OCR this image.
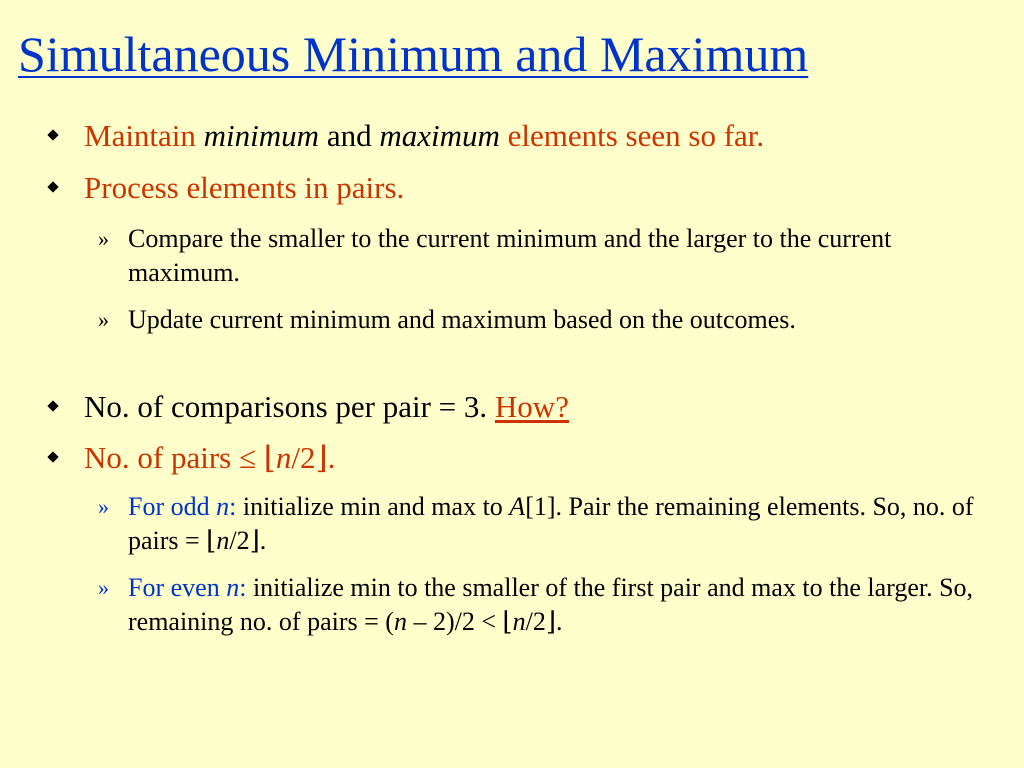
Simultaneous Minimum and Maximum
Maintain minimum and maximum elements seen so far.
Process elements in pairs.
» Compare the smaller to the current minimum and the larger to the current maximum.
» Update current minimum and maximum based on the outcomes.
No. of comparisons per pair = 3. How?
No. of pairs ≤ ⌊n/2⌋.
» For odd n: initialize min and max to A[1]. Pair the remaining elements. So, no. of pairs = ⌊n/2⌋.
» For even n: initialize min to the smaller of the first pair and max to the larger. So, remaining no. of pairs = (n – 2)/2 < ⌊n/2⌋.
